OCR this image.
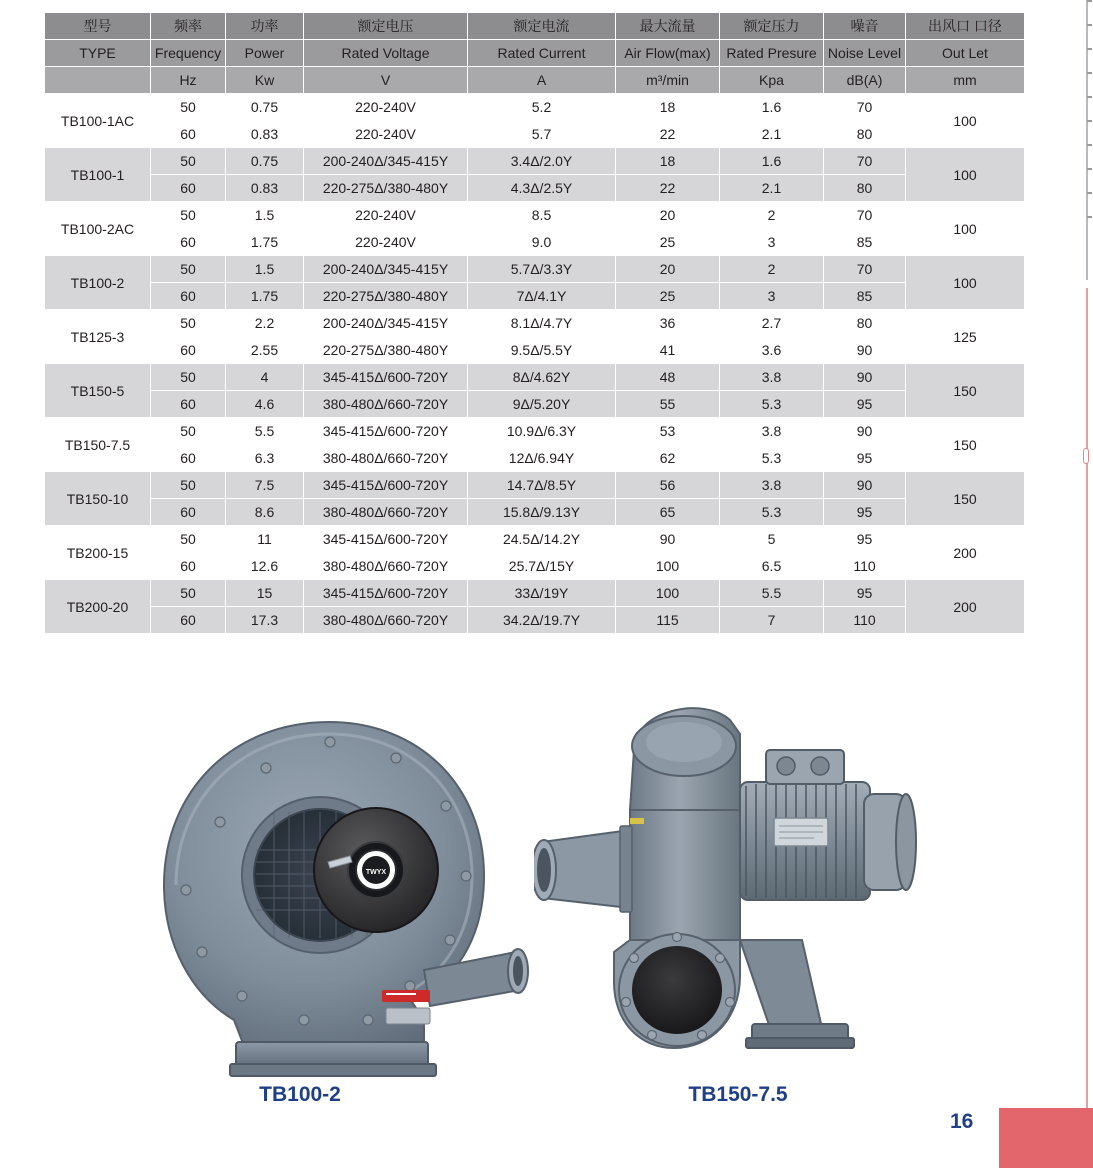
型号	频率	功率	额定电压	额定电流	最大流量	额定压力	噪音	出风口 口径
TYPE	Frequency	Power	Rated Voltage	Rated Current	Air Flow(max)	Rated Presure	Noise Level	Out Let
	Hz	Kw	V	A	m³/min	Kpa	dB(A)	mm
TB100-1AC	50	0.75	220-240V	5.2	18	1.6	70	100
	60	0.83	220-240V	5.7	22	2.1	80	
TB100-1	50	0.75	200-240Δ/345-415Y	3.4Δ/2.0Y	18	1.6	70	100
	60	0.83	220-275Δ/380-480Y	4.3Δ/2.5Y	22	2.1	80	
TB100-2AC	50	1.5	220-240V	8.5	20	2	70	100
	60	1.75	220-240V	9.0	25	3	85	
TB100-2	50	1.5	200-240Δ/345-415Y	5.7Δ/3.3Y	20	2	70	100
	60	1.75	220-275Δ/380-480Y	7Δ/4.1Y	25	3	85	
TB125-3	50	2.2	200-240Δ/345-415Y	8.1Δ/4.7Y	36	2.7	80	125
	60	2.55	220-275Δ/380-480Y	9.5Δ/5.5Y	41	3.6	90	
TB150-5	50	4	345-415Δ/600-720Y	8Δ/4.62Y	48	3.8	90	150
	60	4.6	380-480Δ/660-720Y	9Δ/5.20Y	55	5.3	95	
TB150-7.5	50	5.5	345-415Δ/600-720Y	10.9Δ/6.3Y	53	3.8	90	150
	60	6.3	380-480Δ/660-720Y	12Δ/6.94Y	62	5.3	95	
TB150-10	50	7.5	345-415Δ/600-720Y	14.7Δ/8.5Y	56	3.8	90	150
	60	8.6	380-480Δ/660-720Y	15.8Δ/9.13Y	65	5.3	95	
TB200-15	50	11	345-415Δ/600-720Y	24.5Δ/14.2Y	90	5	95	200
	60	12.6	380-480Δ/660-720Y	25.7Δ/15Y	100	6.5	110	
TB200-20	50	15	345-415Δ/600-720Y	33Δ/19Y	100	5.5	95	200
	60	17.3	380-480Δ/660-720Y	34.2Δ/19.7Y	115	7	110	
TWYX
TB100-2	TB150-7.5
16
